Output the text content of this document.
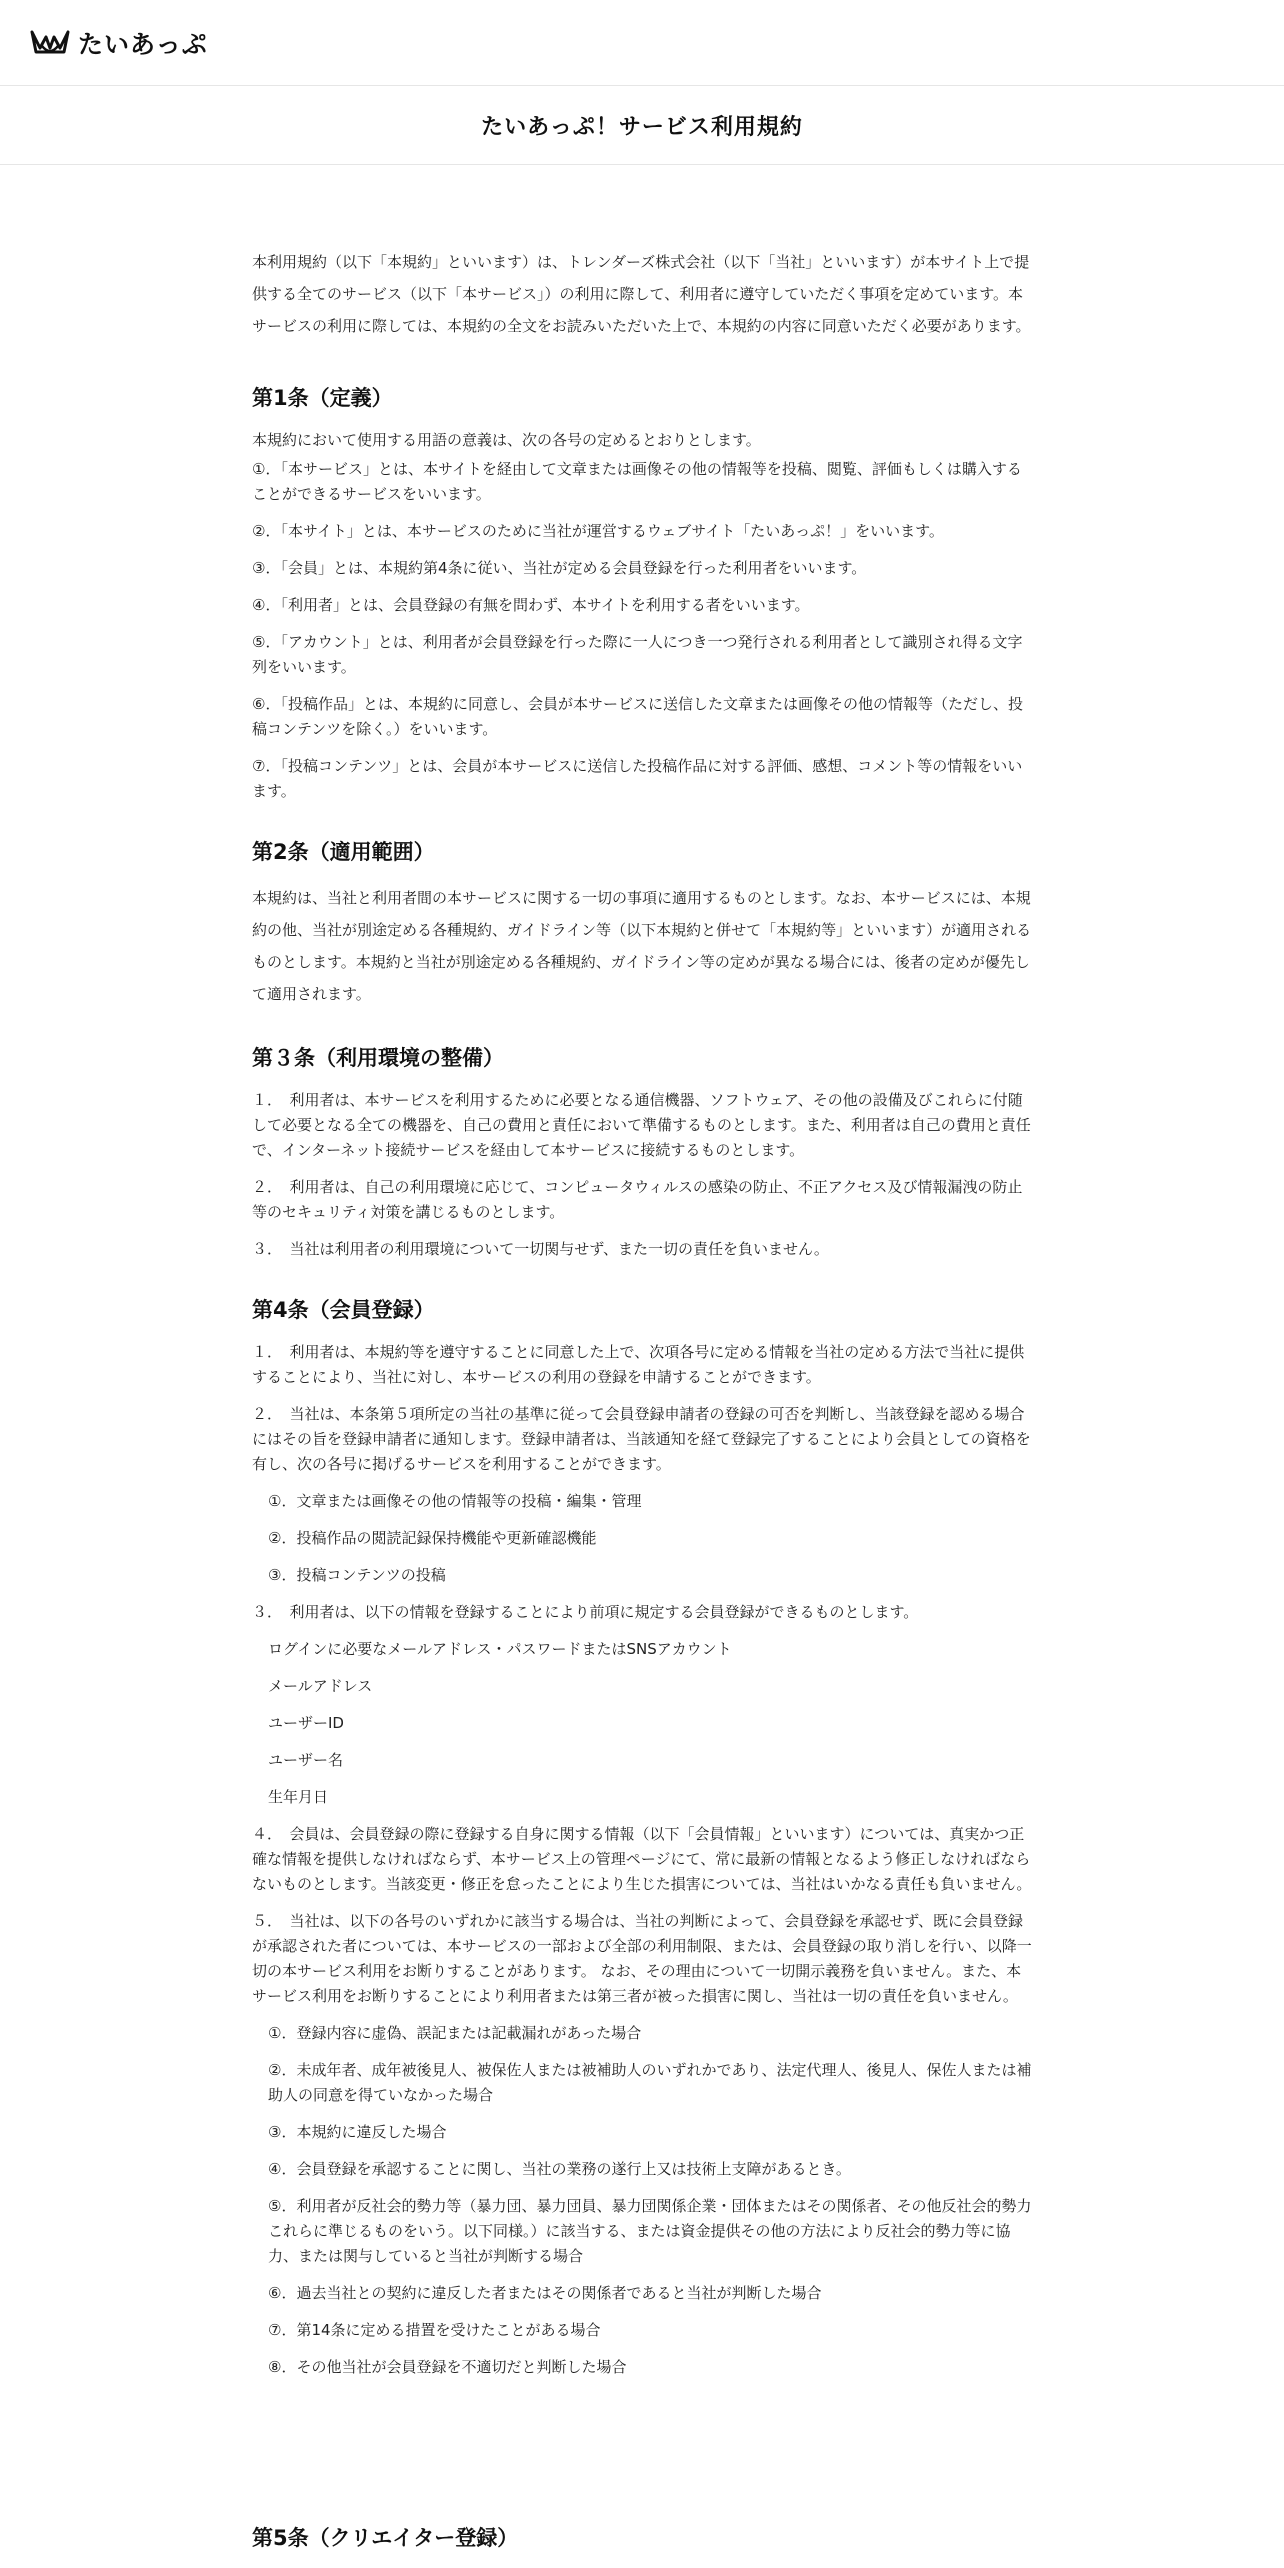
たいあっぷ
たいあっぷ！サービス利用規約

本利用規約（以下「本規約」といいます）は、トレンダーズ株式会社（以下「当社」といいます）が本サイト上で提供する全てのサービス（以下「本サービス」）の利用に際して、利用者に遵守していただく事項を定めています。本サービスの利用に際しては、本規約の全文をお読みいただいた上で、本規約の内容に同意いただく必要があります。

第1条（定義）

本規約において使用する用語の意義は、次の各号の定めるとおりとします。

①．「本サービス」とは、本サイトを経由して文章または画像その他の情報等を投稿、閲覧、評価もしくは購入することができるサービスをいいます。

②．「本サイト」とは、本サービスのために当社が運営するウェブサイト「たいあっぷ！」をいいます。

③．「会員」とは、本規約第4条に従い、当社が定める会員登録を行った利用者をいいます。

④．「利用者」とは、会員登録の有無を問わず、本サイトを利用する者をいいます。

⑤．「アカウント」とは、利用者が会員登録を行った際に一人につき一つ発行される利用者として識別され得る文字列をいいます。

⑥．「投稿作品」とは、本規約に同意し、会員が本サービスに送信した文章または画像その他の情報等（ただし、投稿コンテンツを除く。）をいいます。

⑦．「投稿コンテンツ」とは、会員が本サービスに送信した投稿作品に対する評価、感想、コメント等の情報をいいます。

第2条（適用範囲）

本規約は、当社と利用者間の本サービスに関する一切の事項に適用するものとします。なお、本サービスには、本規約の他、当社が別途定める各種規約、ガイドライン等（以下本規約と併せて「本規約等」といいます）が適用されるものとします。本規約と当社が別途定める各種規約、ガイドライン等の定めが異なる場合には、後者の定めが優先して適用されます。

第３条（利用環境の整備）

１．　利用者は、本サービスを利用するために必要となる通信機器、ソフトウェア、その他の設備及びこれらに付随して必要となる全ての機器を、自己の費用と責任において準備するものとします。また、利用者は自己の費用と責任で、インターネット接続サービスを経由して本サービスに接続するものとします。

２．　利用者は、自己の利用環境に応じて、コンピュータウィルスの感染の防止、不正アクセス及び情報漏洩の防止等のセキュリティ対策を講じるものとします。

３．　当社は利用者の利用環境について一切関与せず、また一切の責任を負いません。

第4条（会員登録）

１．　利用者は、本規約等を遵守することに同意した上で、次項各号に定める情報を当社の定める方法で当社に提供することにより、当社に対し、本サービスの利用の登録を申請することができます。

２．　当社は、本条第５項所定の当社の基準に従って会員登録申請者の登録の可否を判断し、当該登録を認める場合にはその旨を登録申請者に通知します。登録申請者は、当該通知を経て登録完了することにより会員としての資格を有し、次の各号に掲げるサービスを利用することができます。

①．文章または画像その他の情報等の投稿・編集・管理

②．投稿作品の閲読記録保持機能や更新確認機能

③．投稿コンテンツの投稿

３．　利用者は、以下の情報を登録することにより前項に規定する会員登録ができるものとします。

ログインに必要なメールアドレス・パスワードまたはSNSアカウント

メールアドレス

ユーザーID

ユーザー名

生年月日

４．　会員は、会員登録の際に登録する自身に関する情報（以下「会員情報」といいます）については、真実かつ正確な情報を提供しなければならず、本サービス上の管理ページにて、常に最新の情報となるよう修正しなければならないものとします。当該変更・修正を怠ったことにより生じた損害については、当社はいかなる責任も負いません。

５．　当社は、以下の各号のいずれかに該当する場合は、当社の判断によって、会員登録を承認せず、既に会員登録が承認された者については、本サービスの一部および全部の利用制限、または、会員登録の取り消しを行い、以降一切の本サービス利用をお断りすることがあります。 なお、その理由について一切開示義務を負いません。また、本サービス利用をお断りすることにより利用者または第三者が被った損害に関し、当社は一切の責任を負いません。

①．登録内容に虚偽、誤記または記載漏れがあった場合

②．未成年者、成年被後見人、被保佐人または被補助人のいずれかであり、法定代理人、後見人、保佐人または補助人の同意を得ていなかった場合

③．本規約に違反した場合

④．会員登録を承認することに関し、当社の業務の遂行上又は技術上支障があるとき。

⑤．利用者が反社会的勢力等（暴力団、暴力団員、暴力団関係企業・団体またはその関係者、その他反社会的勢力これらに準じるものをいう。以下同様。）に該当する、または資金提供その他の方法により反社会的勢力等に協力、または関与していると当社が判断する場合

⑥．過去当社との契約に違反した者またはその関係者であると当社が判断した場合

⑦．第14条に定める措置を受けたことがある場合

⑧．その他当社が会員登録を不適切だと判断した場合

第5条（クリエイター登録）
